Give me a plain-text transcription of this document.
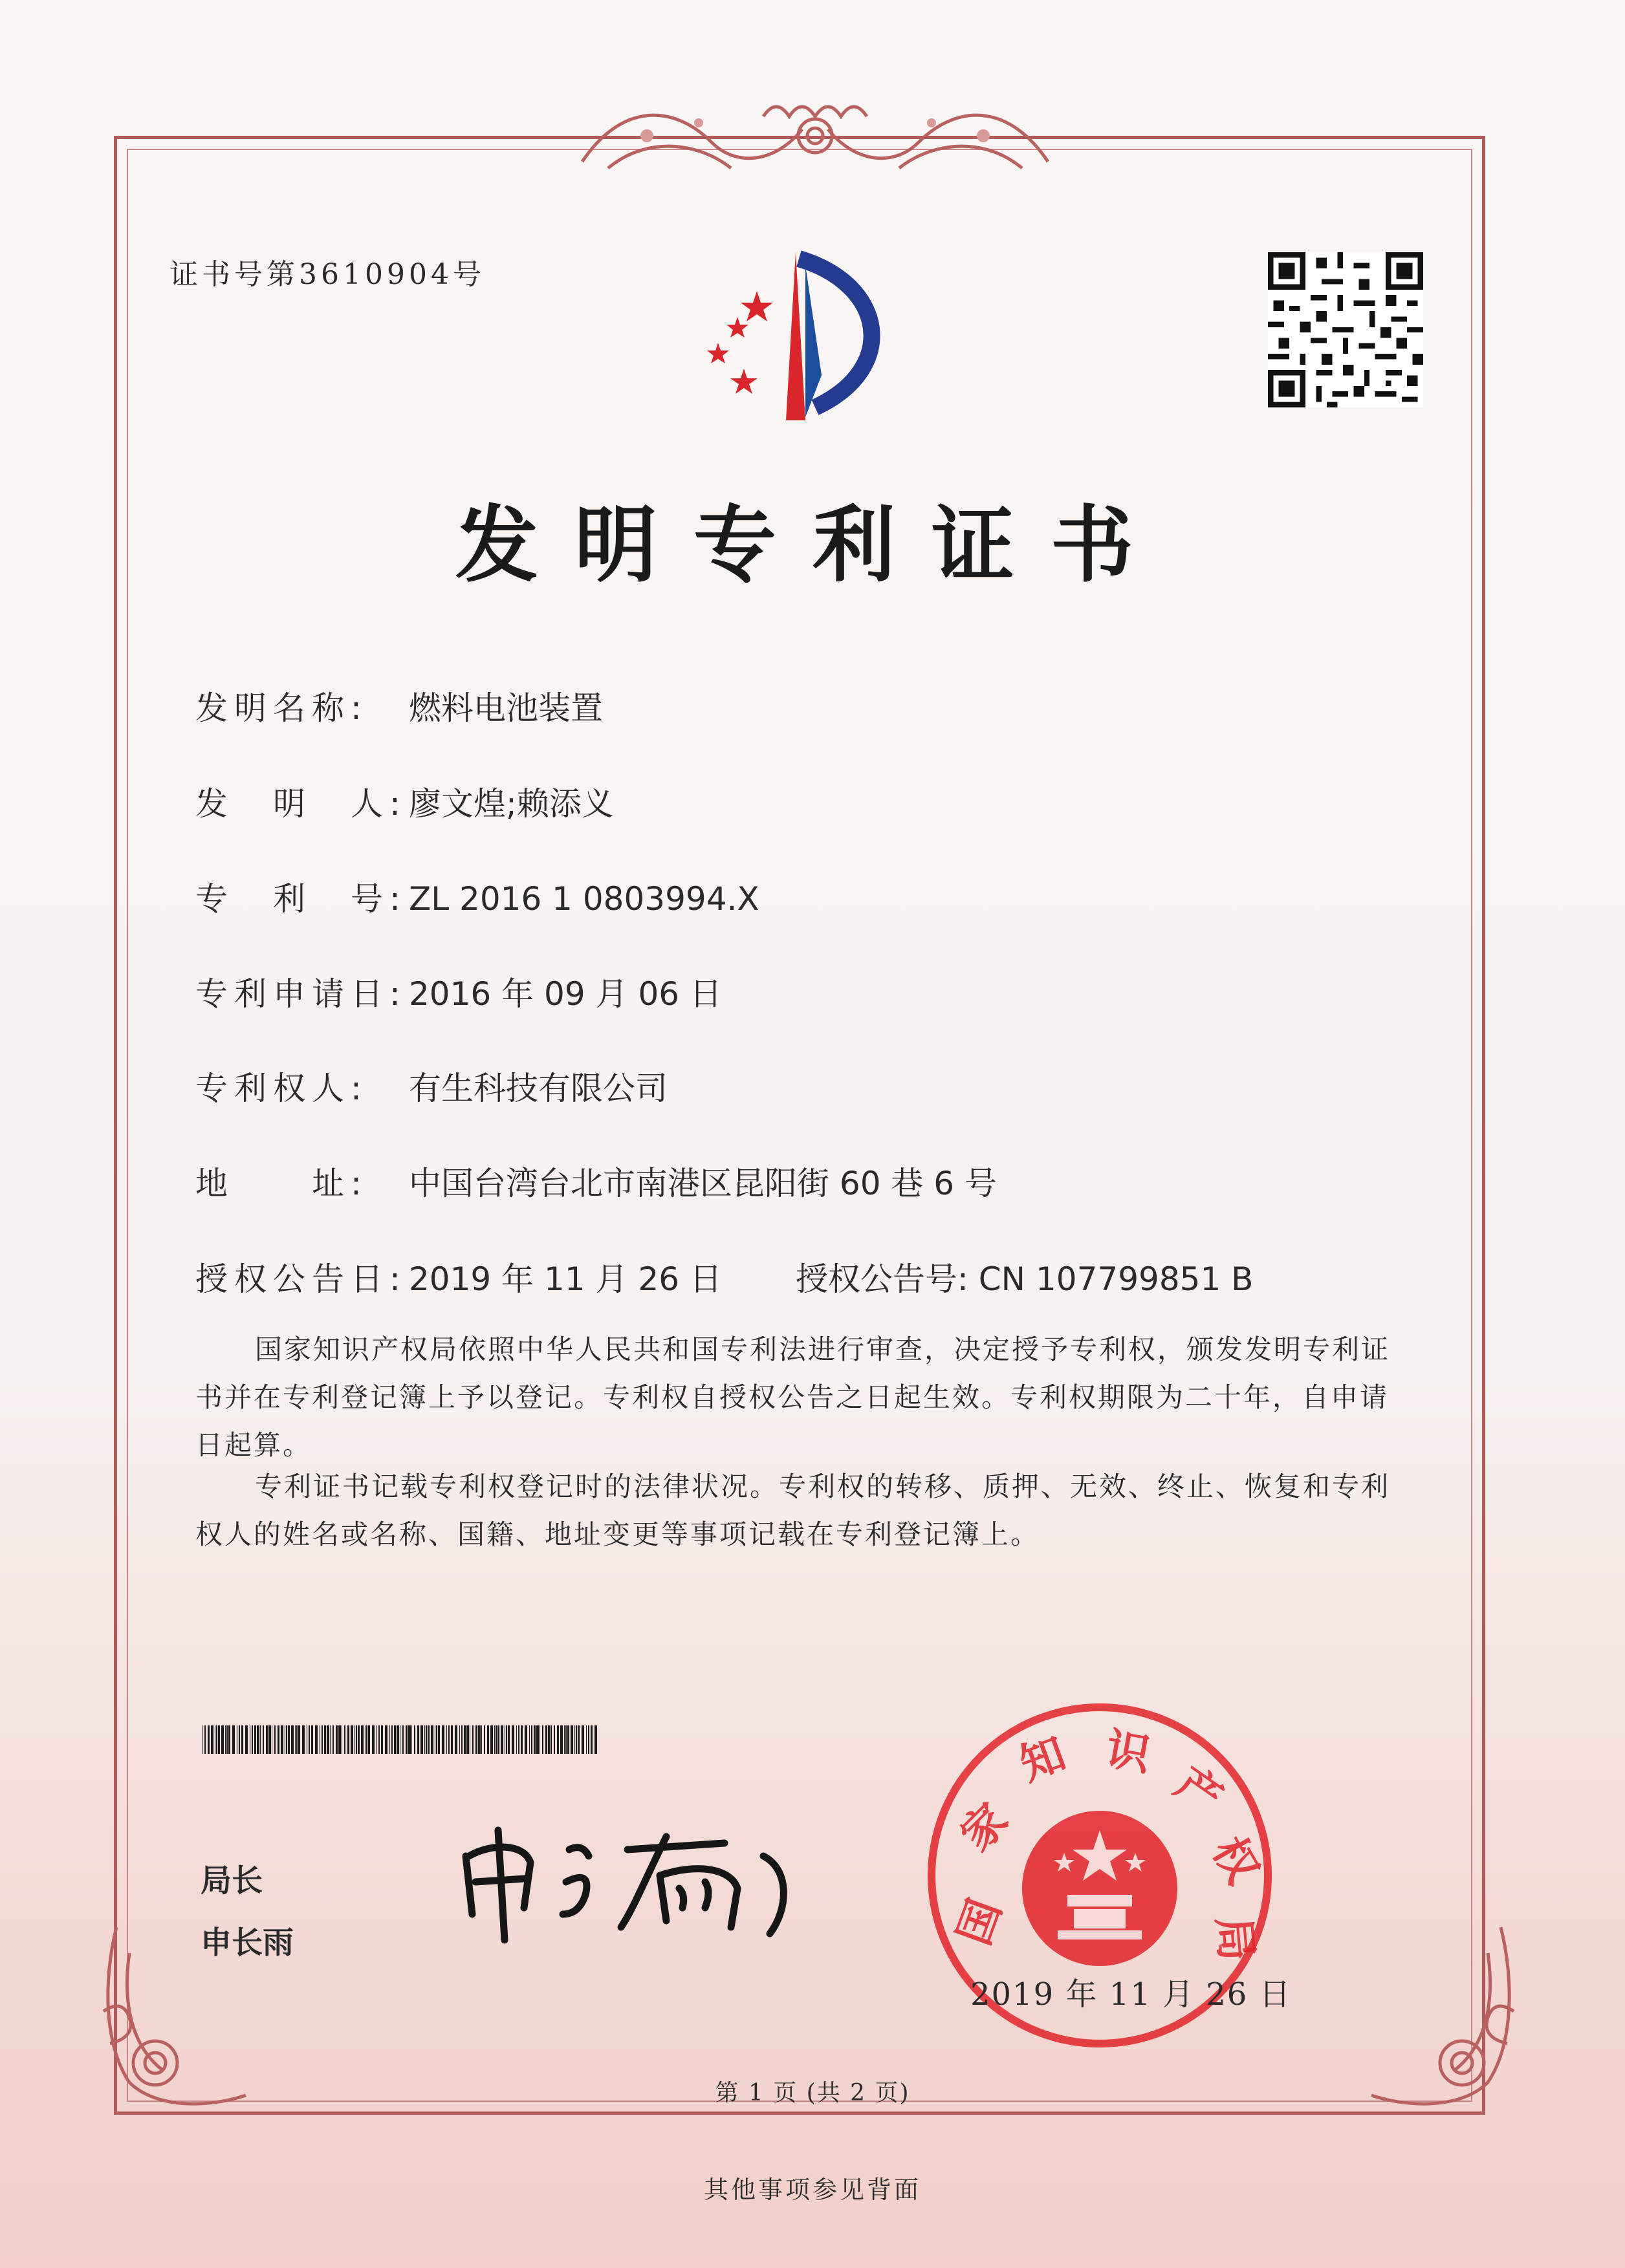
证书号第3610904号
发明专利证书
发明名称: 燃料电池装置
发　明　人:廖文煌;赖添义
专　利　号:ZL 2016 1 0803994.X
专利申请日:2016 年 09 月 06 日
专利权人: 有生科技有限公司
地　　址: 中国台湾台北市南港区昆阳街 60 巷 6 号
授权公告日:2019 年 11 月 26 日 授权公告号: CN 107799851 B
国家知识产权局依照中华人民共和国专利法进行审查，决定授予专利权，颁发发明专利证书并在专利登记簿上予以登记。专利权自授权公告之日起生效。专利权期限为二十年，自申请日起算。
专利证书记载专利权登记时的法律状况。专利权的转移、质押、无效、终止、恢复和专利权人的姓名或名称、国籍、地址变更等事项记载在专利登记簿上。
局长
申长雨	国
家
知 识
产
权
局
2019 年 11 月 26 日
第 1 页 (共 2 页)
其他事项参见背面
